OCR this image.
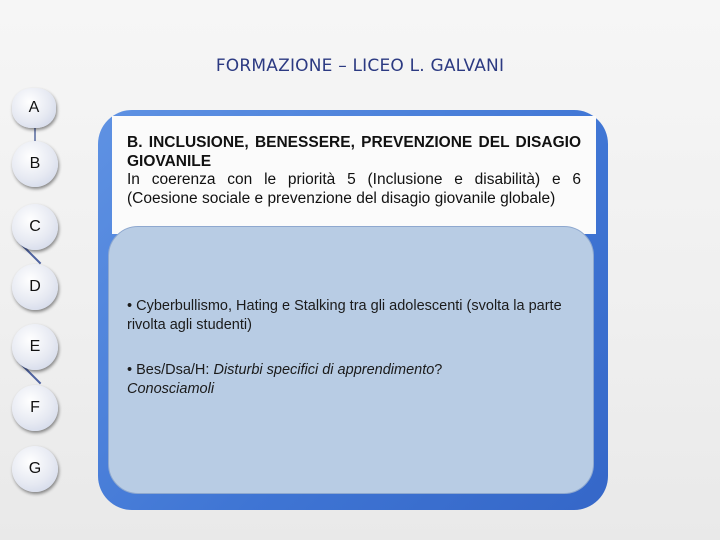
FORMAZIONE – LICEO L. GALVANI
A
B
C
D
E
F
G
B. INCLUSIONE, BENESSERE, PREVENZIONE DEL DISAGIO GIOVANILE
In coerenza con le priorità 5 (Inclusione e disabilità) e 6 (Coesione sociale e prevenzione del disagio giovanile globale)
• Cyberbullismo, Hating e Stalking tra gli adolescenti (svolta la parte rivolta agli studenti)
• Bes/Dsa/H: Disturbi specifici di apprendimento?
Conosciamoli
